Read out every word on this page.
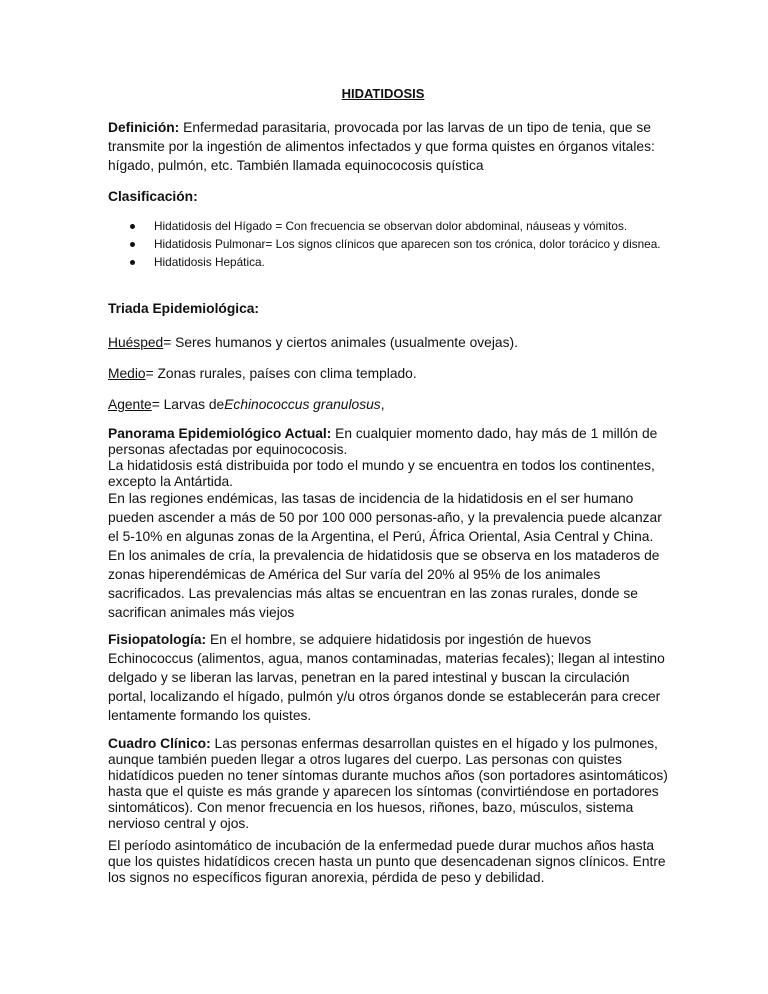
HIDATIDOSIS

Definición: Enfermedad parasitaria, provocada por las larvas de un tipo de tenia, que se transmite por la ingestión de alimentos infectados y que forma quistes en órganos vitales: hígado, pulmón, etc. También llamada equinococosis quística

Clasificación:

Hidatidosis del Hígado = Con frecuencia se observan dolor abdominal, náuseas y vómitos.
Hidatidosis Pulmonar= Los signos clínicos que aparecen son tos crónica, dolor torácico y disnea.
Hidatidosis Hepática.

Triada Epidemiológica:

Huésped= Seres humanos y ciertos animales (usualmente ovejas).

Medio= Zonas rurales, países con clima templado.

Agente= Larvas deEchinococcus granulosus,

Panorama Epidemiológico Actual: En cualquier momento dado, hay más de 1 millón de personas afectadas por equinococosis.

La hidatidosis está distribuida por todo el mundo y se encuentra en todos los continentes, excepto la Antártida.

En las regiones endémicas, las tasas de incidencia de la hidatidosis en el ser humano pueden ascender a más de 50 por 100 000 personas-año, y la prevalencia puede alcanzar el 5-10% en algunas zonas de la Argentina, el Perú, África Oriental, Asia Central y China. En los animales de cría, la prevalencia de hidatidosis que se observa en los mataderos de zonas hiperendémicas de América del Sur varía del 20% al 95% de los animales sacrificados. Las prevalencias más altas se encuentran en las zonas rurales, donde se sacrifican animales más viejos

Fisiopatología: En el hombre, se adquiere hidatidosis por ingestión de huevos Echinococcus (alimentos, agua, manos contaminadas, materias fecales); llegan al intestino delgado y se liberan las larvas, penetran en la pared intestinal y buscan la circulación portal, localizando el hígado, pulmón y/u otros órganos donde se establecerán para crecer lentamente formando los quistes.

Cuadro Clínico: Las personas enfermas desarrollan quistes en el hígado y los pulmones, aunque también pueden llegar a otros lugares del cuerpo. Las personas con quistes hidatídicos pueden no tener síntomas durante muchos años (son portadores asintomáticos) hasta que el quiste es más grande y aparecen los síntomas (convirtiéndose en portadores sintomáticos). Con menor frecuencia en los huesos, riñones, bazo, músculos, sistema nervioso central y ojos.

El período asintomático de incubación de la enfermedad puede durar muchos años hasta que los quistes hidatídicos crecen hasta un punto que desencadenan signos clínicos. Entre los signos no específicos figuran anorexia, pérdida de peso y debilidad.
